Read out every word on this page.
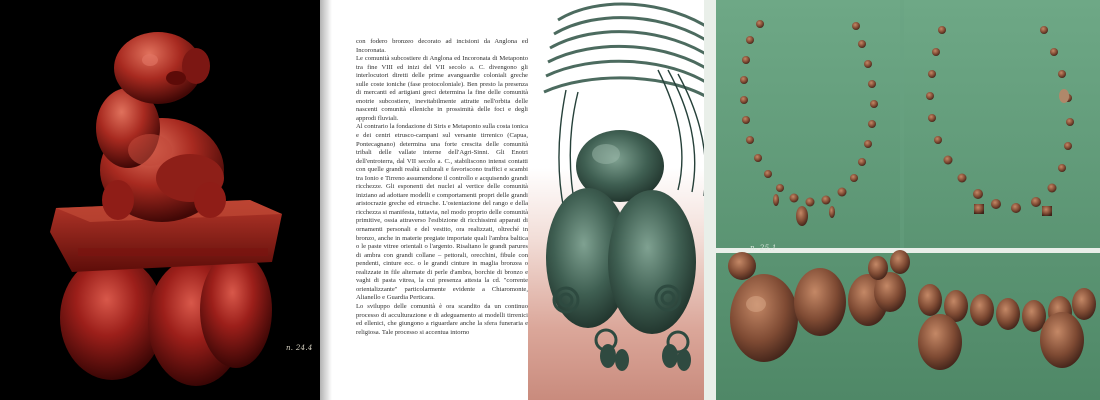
n. 24.4

con fodero bronzeo decorato ad incisioni da Anglona ed Incoronata.

Le comunità subcostiere di Anglona ed Incoronata di Metaponto tra fine VIII ed inizi del VII secolo a. C. divengono gli interlocutori diretti delle prime avanguardie coloniali greche sulle coste ioniche (fase protocoloniale). Ben presto la presenza di mercanti ed artigiani greci determina la fine delle comunità enotrie subcostiere, inevitabilmente attratte nell'orbita delle nascenti comunità elleniche in prossimità delle foci e degli approdi fluviali.

Al contrario la fondazione di Siris e Metaponto sulla costa ionica e dei centri etrusco-campani sul versante tirrenico (Capua, Pontecagnano) determina una forte crescita delle comunità tribali delle vallate interne dell'Agri-Sinni. Gli Enotri dell'entroterra, dal VII secolo a. C., stabiliscono intensi contatti con quelle grandi realtà culturali e favoriscono traffici e scambi tra Ionio e Tirreno assumendone il controllo e acquisendo grandi ricchezze. Gli esponenti dei nuclei al vertice delle comunità iniziano ad adottare modelli e comportamenti propri delle grandi aristocrazie greche ed etrusche. L'ostentazione del rango e della ricchezza si manifesta, tuttavia, nel modo proprio delle comunità primitive, ossia attraverso l'esibizione di ricchissimi apparati di ornamenti personali e del vestito, ora realizzati, oltreché in bronzo, anche in materie pregiate importate quali l'ambra baltica o le paste vitree orientali o l'argento. Risaltano le grandi parures di ambra con grandi collane – pettorali, orecchini, fibule con pendenti, cinture ecc. o le grandi cinture in maglia bronzea o realizzate in file alternate di perle d'ambra, borchie di bronzo e vaghi di pasta vitrea, la cui presenza attesta la cd. "corrente orientalizzante" particolarmente evidente a Chiaromonte, Alianello e Guardia Perticara.

Lo sviluppo delle comunità è ora scandito da un continuo processo di acculturazione e di adeguamento ai modelli tirrenici ed ellenici, che giungono a riguardare anche la sfera funeraria e religiosa. Tale processo si accentua intorno

n. 25.1
